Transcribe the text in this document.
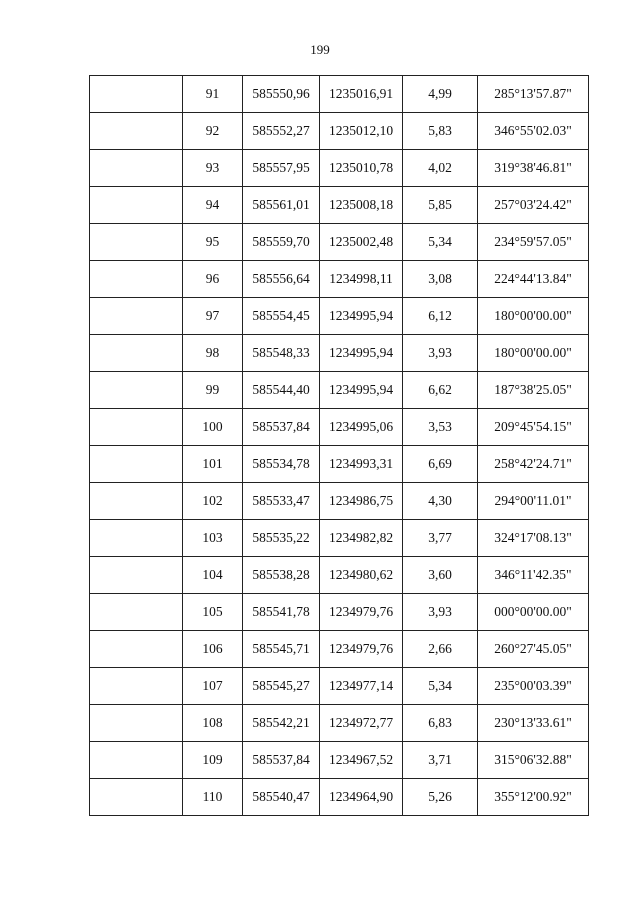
199
	91	585550,96	1235016,91	4,99	285°13'57.87"
	92	585552,27	1235012,10	5,83	346°55'02.03"
	93	585557,95	1235010,78	4,02	319°38'46.81"
	94	585561,01	1235008,18	5,85	257°03'24.42"
	95	585559,70	1235002,48	5,34	234°59'57.05"
	96	585556,64	1234998,11	3,08	224°44'13.84"
	97	585554,45	1234995,94	6,12	180°00'00.00"
	98	585548,33	1234995,94	3,93	180°00'00.00"
	99	585544,40	1234995,94	6,62	187°38'25.05"
	100	585537,84	1234995,06	3,53	209°45'54.15"
	101	585534,78	1234993,31	6,69	258°42'24.71"
	102	585533,47	1234986,75	4,30	294°00'11.01"
	103	585535,22	1234982,82	3,77	324°17'08.13"
	104	585538,28	1234980,62	3,60	346°11'42.35"
	105	585541,78	1234979,76	3,93	000°00'00.00"
	106	585545,71	1234979,76	2,66	260°27'45.05"
	107	585545,27	1234977,14	5,34	235°00'03.39"
	108	585542,21	1234972,77	6,83	230°13'33.61"
	109	585537,84	1234967,52	3,71	315°06'32.88"
	110	585540,47	1234964,90	5,26	355°12'00.92"
